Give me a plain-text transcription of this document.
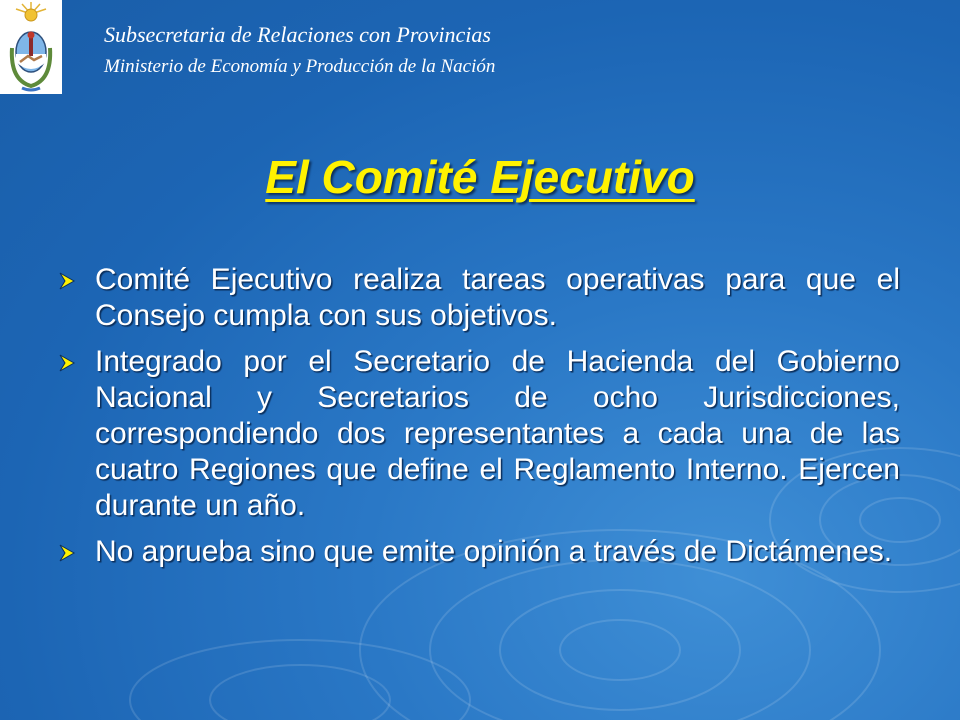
Subsecretaria de Relaciones con Provincias
Ministerio de Economía y Producción de la Nación
El Comité Ejecutivo
Comité Ejecutivo realiza tareas operativas para que el Consejo cumpla con sus objetivos.
Integrado por el Secretario de Hacienda del Gobierno Nacional y Secretarios de ocho Jurisdicciones, correspondiendo dos representantes a cada una de las cuatro Regiones que define el Reglamento Interno. Ejercen durante un año.
No aprueba sino que emite opinión a través de Dictámenes.
